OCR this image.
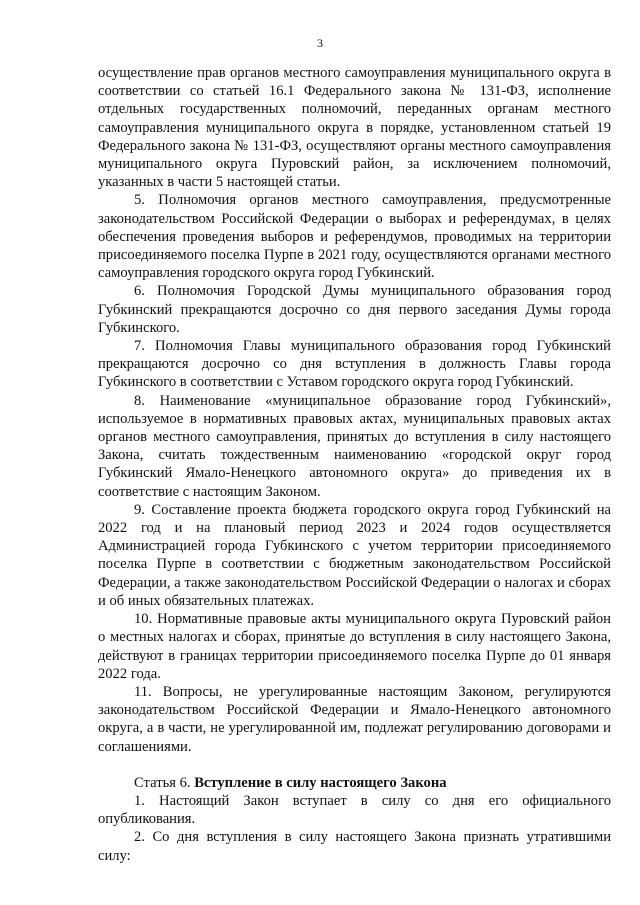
3

осуществление прав органов местного самоуправления муниципального округа в соответствии со статьей 16.1 Федерального закона № 131-ФЗ, исполнение отдельных государственных полномочий, переданных органам местного самоуправления муниципального округа в порядке, установленном статьей 19 Федерального закона № 131-ФЗ, осуществляют органы местного самоуправления муниципального округа Пуровский район, за исключением полномочий, указанных в части 5 настоящей статьи.

5. Полномочия органов местного самоуправления, предусмотренные законодательством Российской Федерации о выборах и референдумах, в целях обеспечения проведения выборов и референдумов, проводимых на территории присоединяемого поселка Пурпе в 2021 году, осуществляются органами местного самоуправления городского округа город Губкинский.

6. Полномочия Городской Думы муниципального образования город Губкинский прекращаются досрочно со дня первого заседания Думы города Губкинского.

7. Полномочия Главы муниципального образования город Губкинский прекращаются досрочно со дня вступления в должность Главы города Губкинского в соответствии с Уставом городского округа город Губкинский.

8. Наименование «муниципальное образование город Губкинский», используемое в нормативных правовых актах, муниципальных правовых актах органов местного самоуправления, принятых до вступления в силу настоящего Закона, считать тождественным наименованию «городской округ город Губкинский Ямало-Ненецкого автономного округа» до приведения их в соответствие с настоящим Законом.

9. Составление проекта бюджета городского округа город Губкинский на 2022 год и на плановый период 2023 и 2024 годов осуществляется Администрацией города Губкинского с учетом территории присоединяемого поселка Пурпе в соответствии с бюджетным законодательством Российской Федерации, а также законодательством Российской Федерации о налогах и сборах и об иных обязательных платежах.

10. Нормативные правовые акты муниципального округа Пуровский район о местных налогах и сборах, принятые до вступления в силу настоящего Закона, действуют в границах территории присоединяемого поселка Пурпе до 01 января 2022 года.

11. Вопросы, не урегулированные настоящим Законом, регулируются законодательством Российской Федерации и Ямало-Ненецкого автономного округа, а в части, не урегулированной им, подлежат регулированию договорами и соглашениями.

Статья 6. Вступление в силу настоящего Закона

1. Настоящий Закон вступает в силу со дня его официального опубликования.

2. Со дня вступления в силу настоящего Закона признать утратившими силу:
